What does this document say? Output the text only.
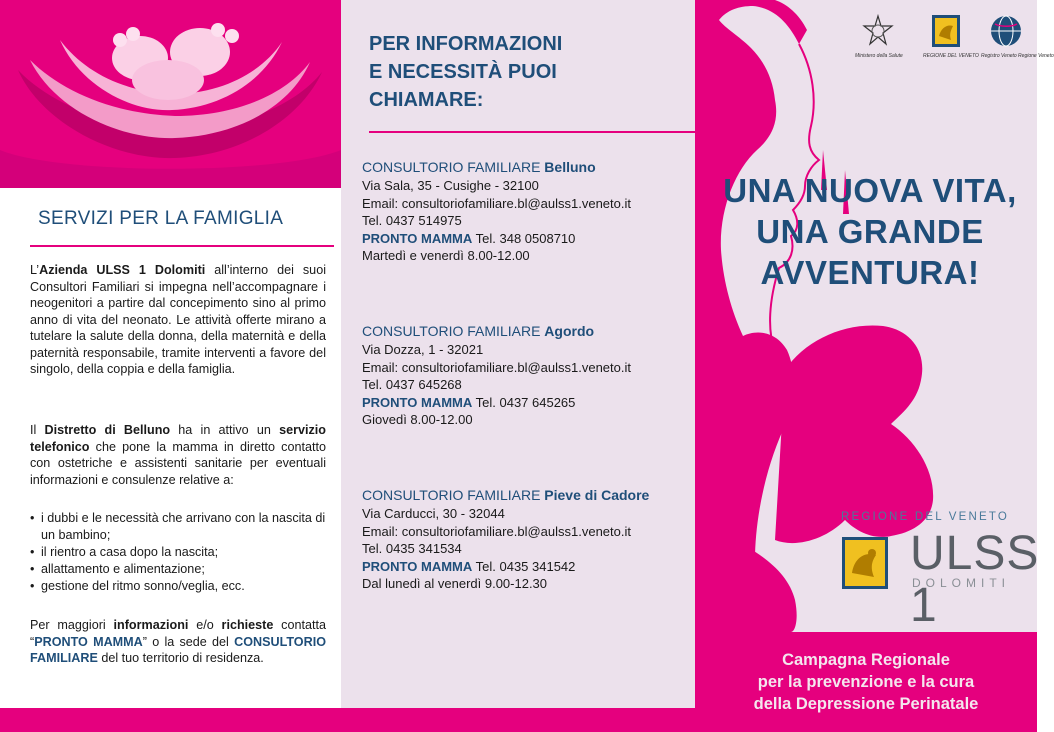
SERVIZI PER LA FAMIGLIA
L’Azienda ULSS 1 Dolomiti all’interno dei suoi Consultori Familiari si impegna nell’accompagnare i neogenitori a partire dal concepimento sino al primo anno di vita del neonato. Le attività offerte mirano a tutelare la salute della donna, della maternità e della paternità responsabile, tramite interventi a favore del singolo, della coppia e della famiglia.
Il Distretto di Belluno ha in attivo un servizio telefonico che pone la mamma in diretto contatto con ostetriche e assistenti sanitarie per eventuali informazioni e consulenze relative a:
• i dubbi e le necessità che arrivano con la nascita di un bambino;
• il rientro a casa dopo la nascita;
• allattamento e alimentazione;
• gestione del ritmo sonno/veglia, ecc.
Per maggiori informazioni e/o richieste contatta “PRONTO MAMMA” o la sede del CONSULTORIO FAMILIARE del tuo territorio di residenza.
PER INFORMAZIONI
E NECESSITÀ PUOI
CHIAMARE:
CONSULTORIO FAMILIARE Belluno
Via Sala, 35 - Cusighe - 32100
Email: consultoriofamiliare.bl@aulss1.veneto.it
Tel. 0437 514975
PRONTO MAMMA Tel. 348 0508710
Martedì e venerdì 8.00-12.00
CONSULTORIO FAMILIARE Agordo
Via Dozza, 1 - 32021
Email: consultoriofamiliare.bl@aulss1.veneto.it
Tel. 0437 645268
PRONTO MAMMA Tel. 0437 645265
Giovedì 8.00-12.00
CONSULTORIO FAMILIARE Pieve di Cadore
Via Carducci, 30 - 32044
Email: consultoriofamiliare.bl@aulss1.veneto.it
Tel. 0435 341534
PRONTO MAMMA Tel. 0435 341542
Dal lunedì al venerdì 9.00-12.30
Ministero della Salute	REGIONE DEL VENETO Registro Veneto Regione Veneto
UNA NUOVA VITA,
UNA GRANDE
AVVENTURA!
REGIONE DEL VENETO
ULSS 1
DOLOMITI
Campagna Regionale
per la prevenzione e la cura
della Depressione Perinatale
